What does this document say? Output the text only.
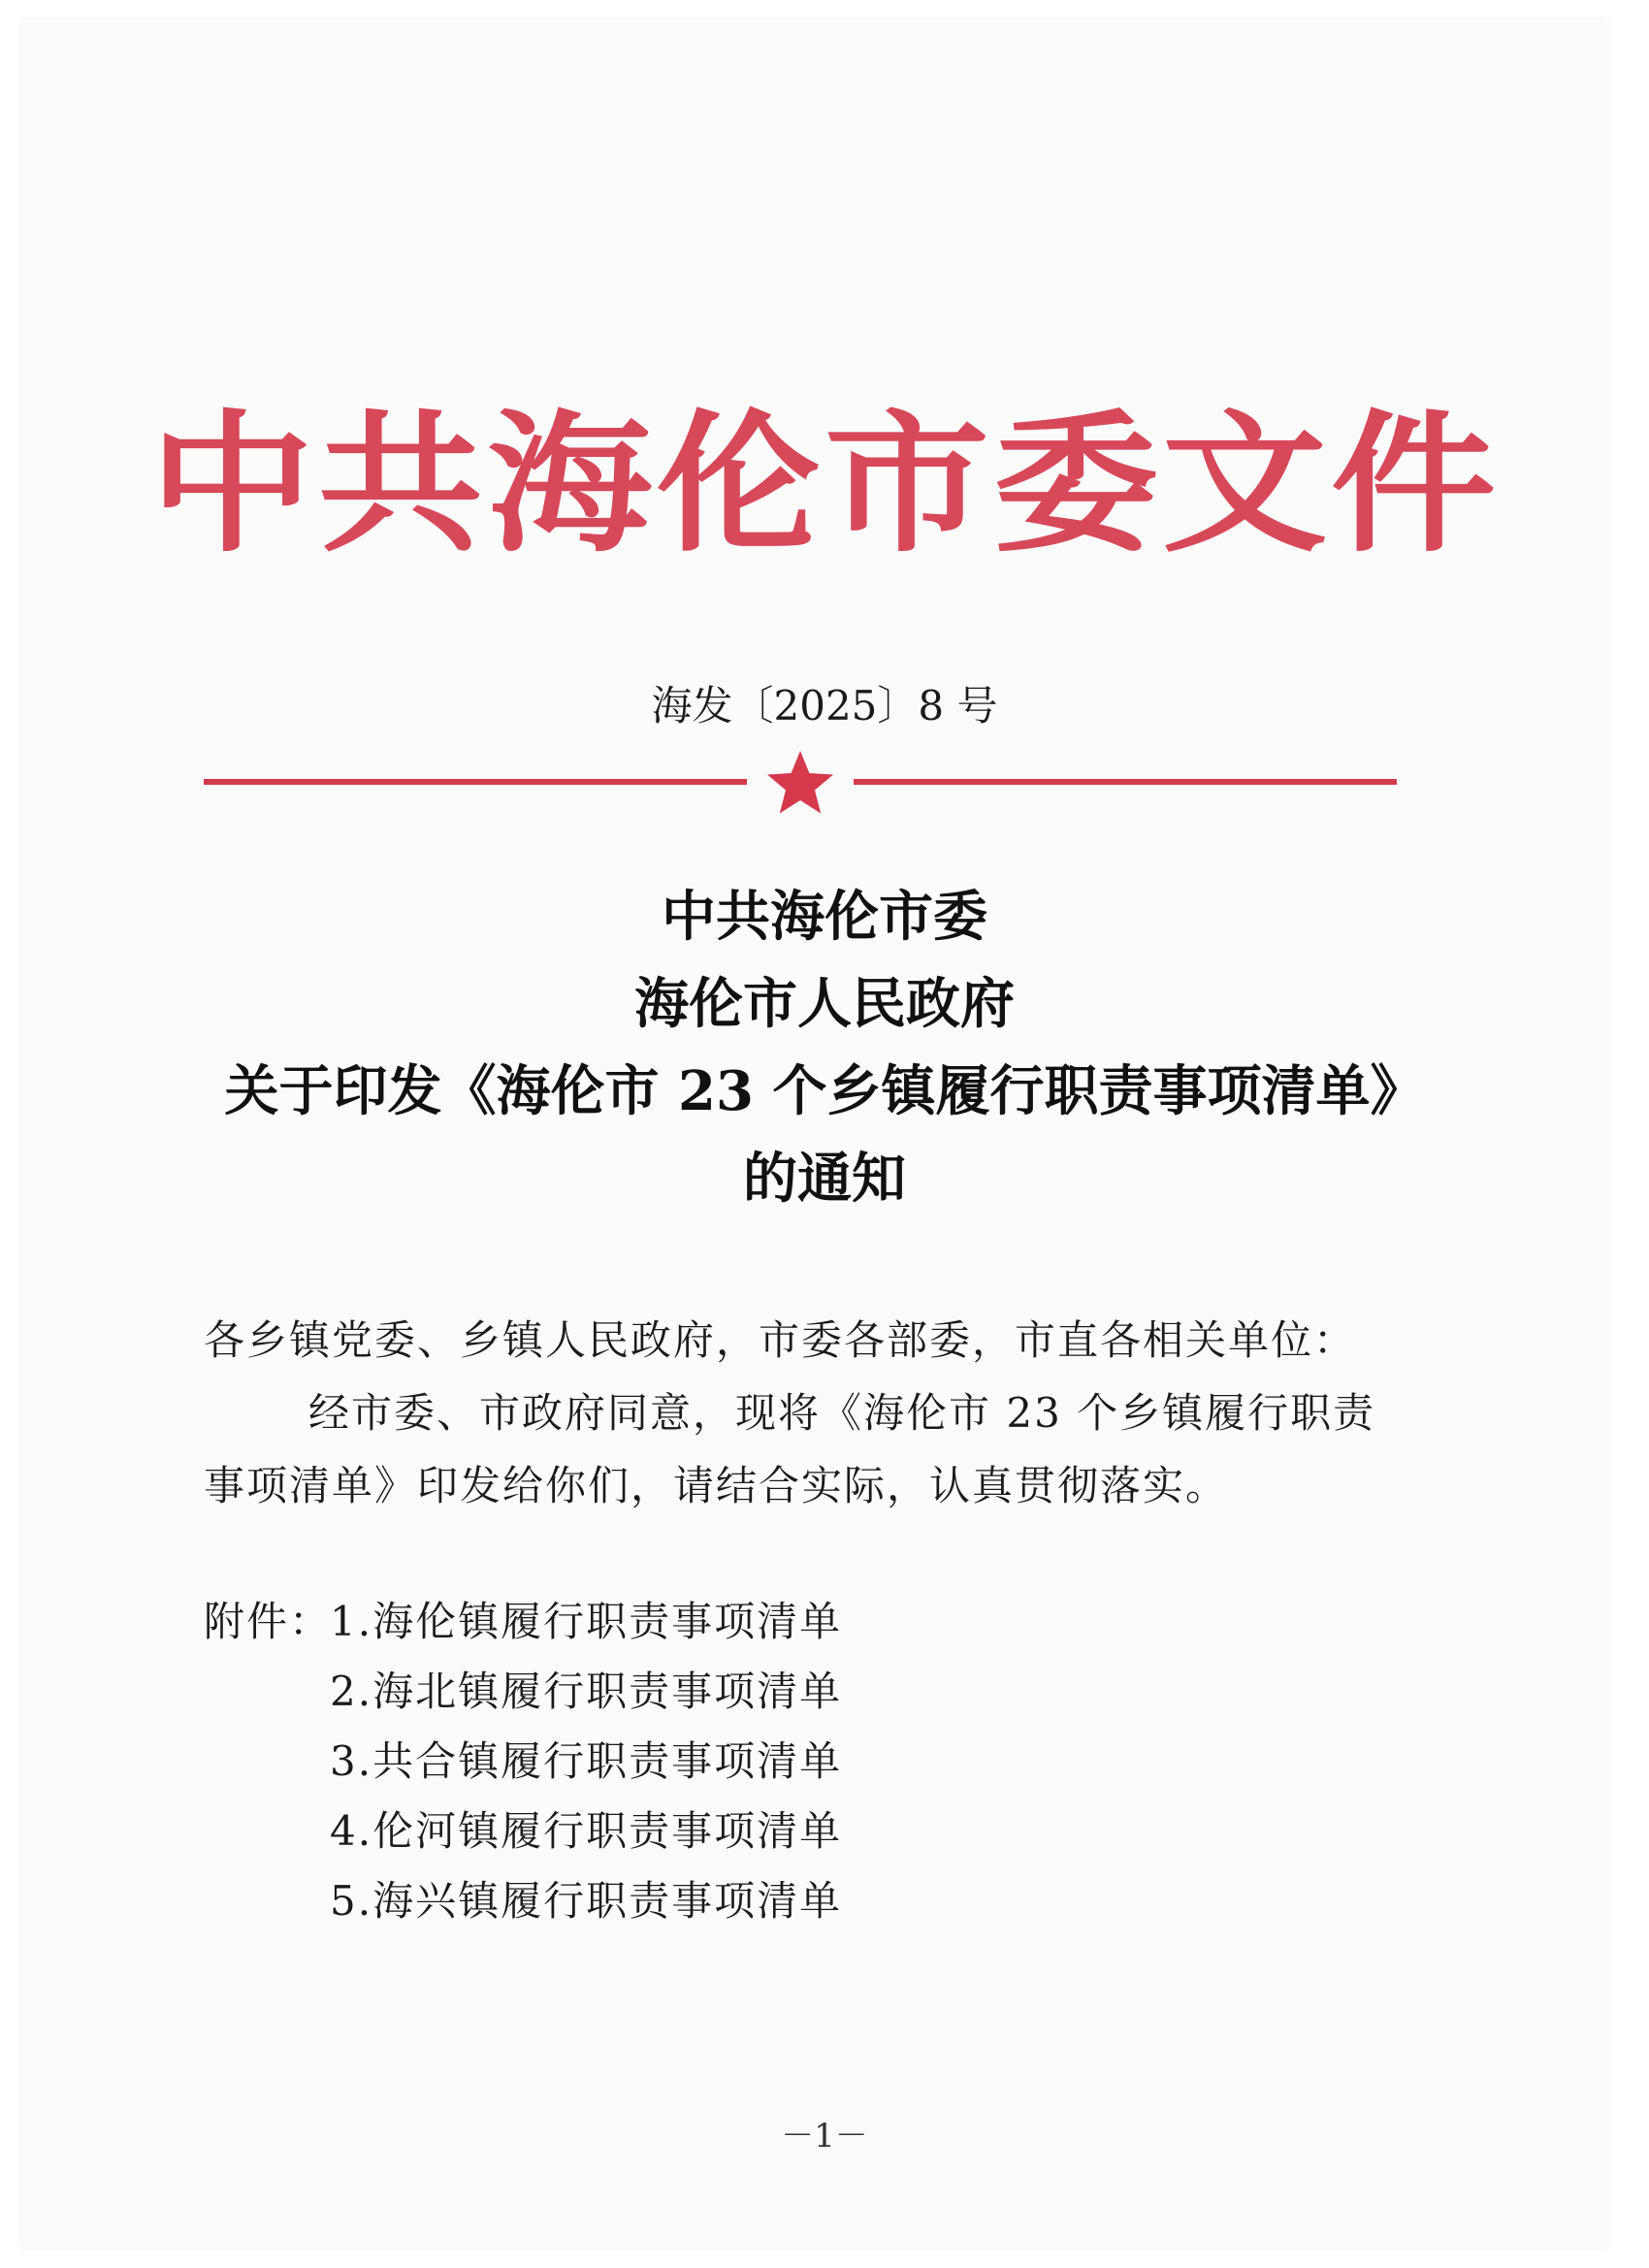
中共海伦市委文件
海发〔2025〕8 号
中共海伦市委
海伦市人民政府
关于印发《海伦市 23 个乡镇履行职责事项清单》
的通知
各乡镇党委、乡镇人民政府，市委各部委，市直各相关单位：
经市委、市政府同意，现将《海伦市 23 个乡镇履行职责
事项清单》印发给你们，请结合实际，认真贯彻落实。
附件：
1.海伦镇履行职责事项清单
2.海北镇履行职责事项清单
3.共合镇履行职责事项清单
4.伦河镇履行职责事项清单
5.海兴镇履行职责事项清单
－1－
